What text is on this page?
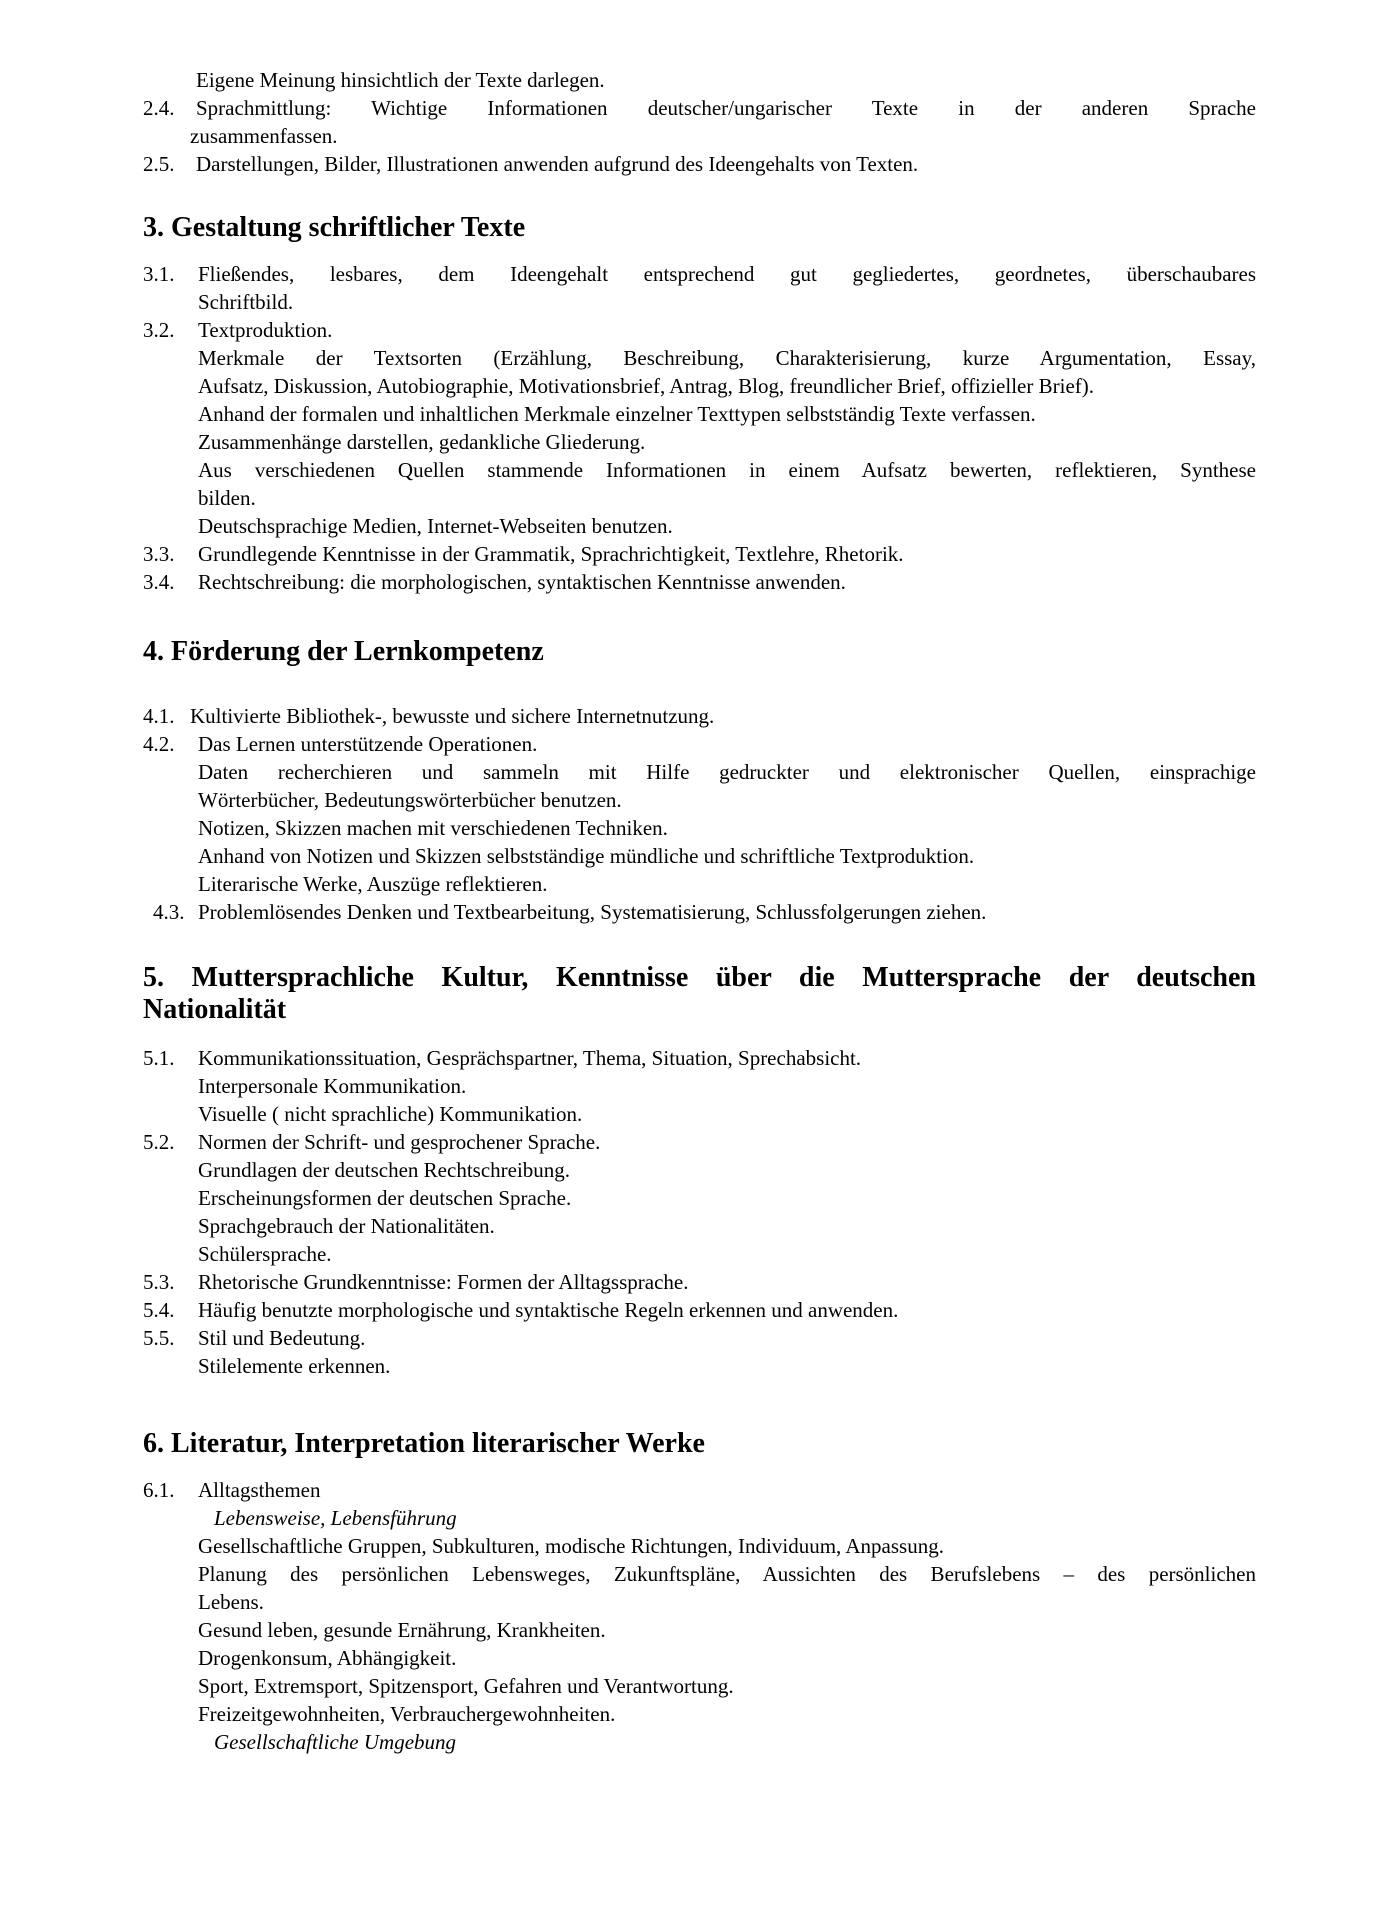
Eigene Meinung hinsichtlich der Texte darlegen.
2.4. Sprachmittlung: Wichtige Informationen deutscher/ungarischer Texte in der anderen Sprache
zusammenfassen.
2.5. Darstellungen, Bilder, Illustrationen anwenden aufgrund des Ideengehalts von Texten.
3. Gestaltung schriftlicher Texte
3.1. Fließendes, lesbares, dem Ideengehalt entsprechend gut gegliedertes, geordnetes, überschaubares
Schriftbild.
3.2. Textproduktion.
Merkmale der Textsorten (Erzählung, Beschreibung, Charakterisierung, kurze Argumentation, Essay,
Aufsatz, Diskussion, Autobiographie, Motivationsbrief, Antrag, Blog, freundlicher Brief, offizieller Brief).
Anhand der formalen und inhaltlichen Merkmale einzelner Texttypen selbstständig Texte verfassen.
Zusammenhänge darstellen, gedankliche Gliederung.
Aus verschiedenen Quellen stammende Informationen in einem Aufsatz bewerten, reflektieren, Synthese
bilden.
Deutschsprachige Medien, Internet-Webseiten benutzen.
3.3. Grundlegende Kenntnisse in der Grammatik, Sprachrichtigkeit, Textlehre, Rhetorik.
3.4. Rechtschreibung: die morphologischen, syntaktischen Kenntnisse anwenden.
4. Förderung der Lernkompetenz
4.1. Kultivierte Bibliothek-, bewusste und sichere Internetnutzung.
4.2. Das Lernen unterstützende Operationen.
Daten recherchieren und sammeln mit Hilfe gedruckter und elektronischer Quellen, einsprachige
Wörterbücher, Bedeutungswörterbücher benutzen.
Notizen, Skizzen machen mit verschiedenen Techniken.
Anhand von Notizen und Skizzen selbstständige mündliche und schriftliche Textproduktion.
Literarische Werke, Auszüge reflektieren.
4.3. Problemlösendes Denken und Textbearbeitung, Systematisierung, Schlussfolgerungen ziehen.
5. Muttersprachliche Kultur, Kenntnisse über die Muttersprache der deutschen
Nationalität
5.1. Kommunikationssituation, Gesprächspartner, Thema, Situation, Sprechabsicht.
Interpersonale Kommunikation.
Visuelle ( nicht sprachliche) Kommunikation.
5.2. Normen der Schrift- und gesprochener Sprache.
Grundlagen der deutschen Rechtschreibung.
Erscheinungsformen der deutschen Sprache.
Sprachgebrauch der Nationalitäten.
Schülersprache.
5.3. Rhetorische Grundkenntnisse: Formen der Alltagssprache.
5.4. Häufig benutzte morphologische und syntaktische Regeln erkennen und anwenden.
5.5. Stil und Bedeutung.
Stilelemente erkennen.
6. Literatur, Interpretation literarischer Werke
6.1. Alltagsthemen
Lebensweise, Lebensführung
Gesellschaftliche Gruppen, Subkulturen, modische Richtungen, Individuum, Anpassung.
Planung des persönlichen Lebensweges, Zukunftspläne, Aussichten des Berufslebens – des persönlichen
Lebens.
Gesund leben, gesunde Ernährung, Krankheiten.
Drogenkonsum, Abhängigkeit.
Sport, Extremsport, Spitzensport, Gefahren und Verantwortung.
Freizeitgewohnheiten, Verbrauchergewohnheiten.
Gesellschaftliche Umgebung
